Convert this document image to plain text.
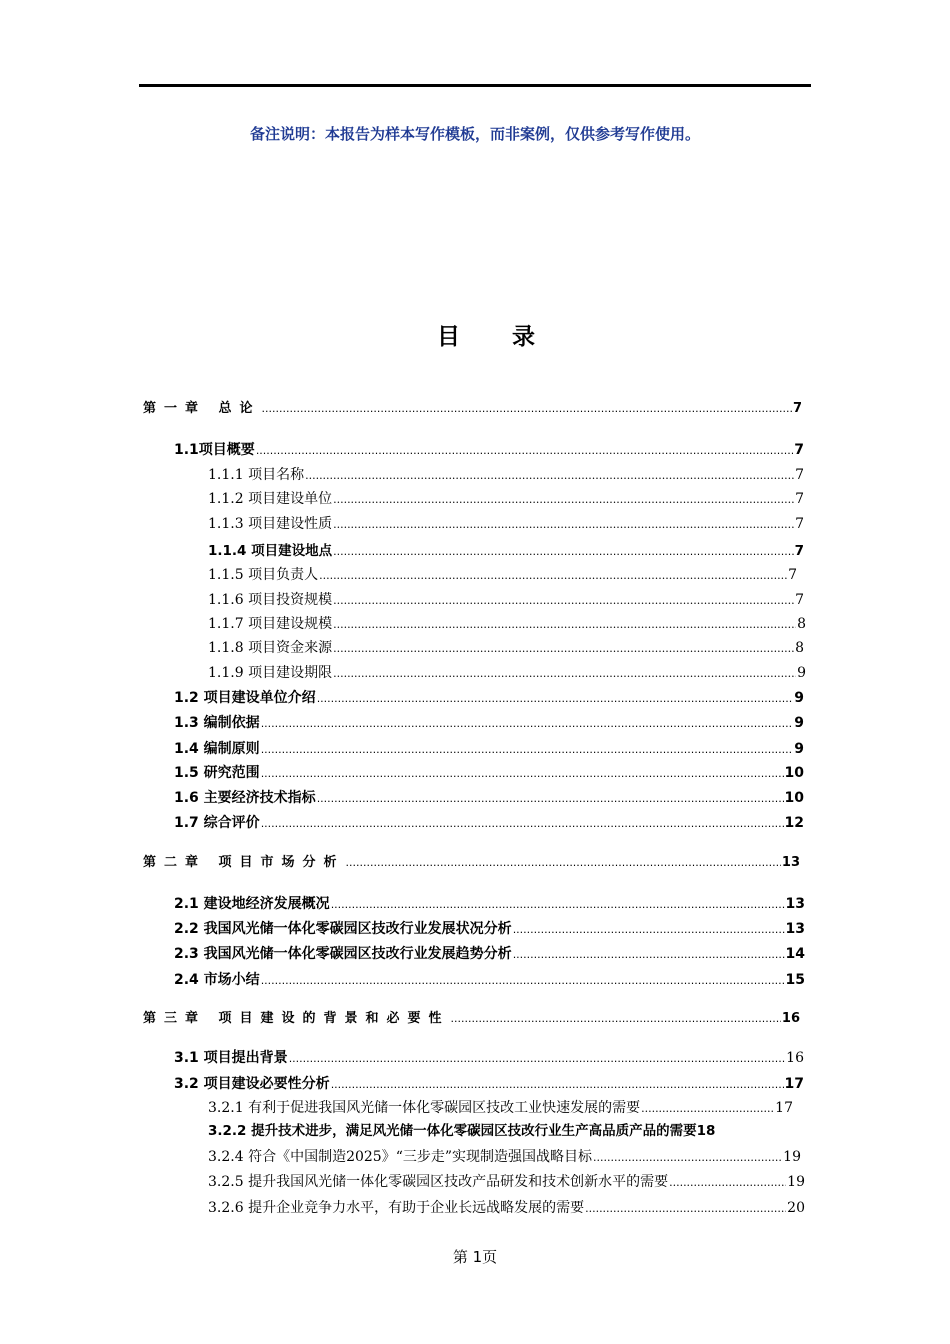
备注说明：本报告为样本写作模板，而非案例，仅供参考写作使用。
目 录
第一章 总论 .....	7
1.1项目概要 .....	7
1.1.1 项目名称 .....	7
1.1.2 项目建设单位 .....	7
1.1.3 项目建设性质 .....	7
1.1.4 项目建设地点 .....	7
1.1.5 项目负责人 .....	7
1.1.6 项目投资规模 .....	7
1.1.7 项目建设规模 .....	8
1.1.8 项目资金来源 .....	8
1.1.9 项目建设期限 .....	9
1.2 项目建设单位介绍 .....	9
1.3 编制依据 .....	9
1.4 编制原则 .....	9
1.5 研究范围 .....	10
1.6 主要经济技术指标 .....	10
1.7 综合评价 .....	12
第二章 项目市场分析 .....	13
2.1 建设地经济发展概况 .....	13
2.2 我国风光储一体化零碳园区技改行业发展状况分析 .....	13
2.3 我国风光储一体化零碳园区技改行业发展趋势分析 .....	14
2.4 市场小结 .....	15
第三章 项目建设的背景和必要性 .....	16
3.1 项目提出背景 .....	16
3.2 项目建设必要性分析 .....	17
3.2.1 有利于促进我国风光储一体化零碳园区技改工业快速发展的需要 .....	17
3.2.2 提升技术进步，满足风光储一体化零碳园区技改行业生产高品质产品的需要 18
3.2.4 符合《中国制造2025》“三步走”实现制造强国战略目标 .....	19
3.2.5 提升我国风光储一体化零碳园区技改产品研发和技术创新水平的需要 .....	19
3.2.6 提升企业竞争力水平，有助于企业长远战略发展的需要 .....	20
第 1页
